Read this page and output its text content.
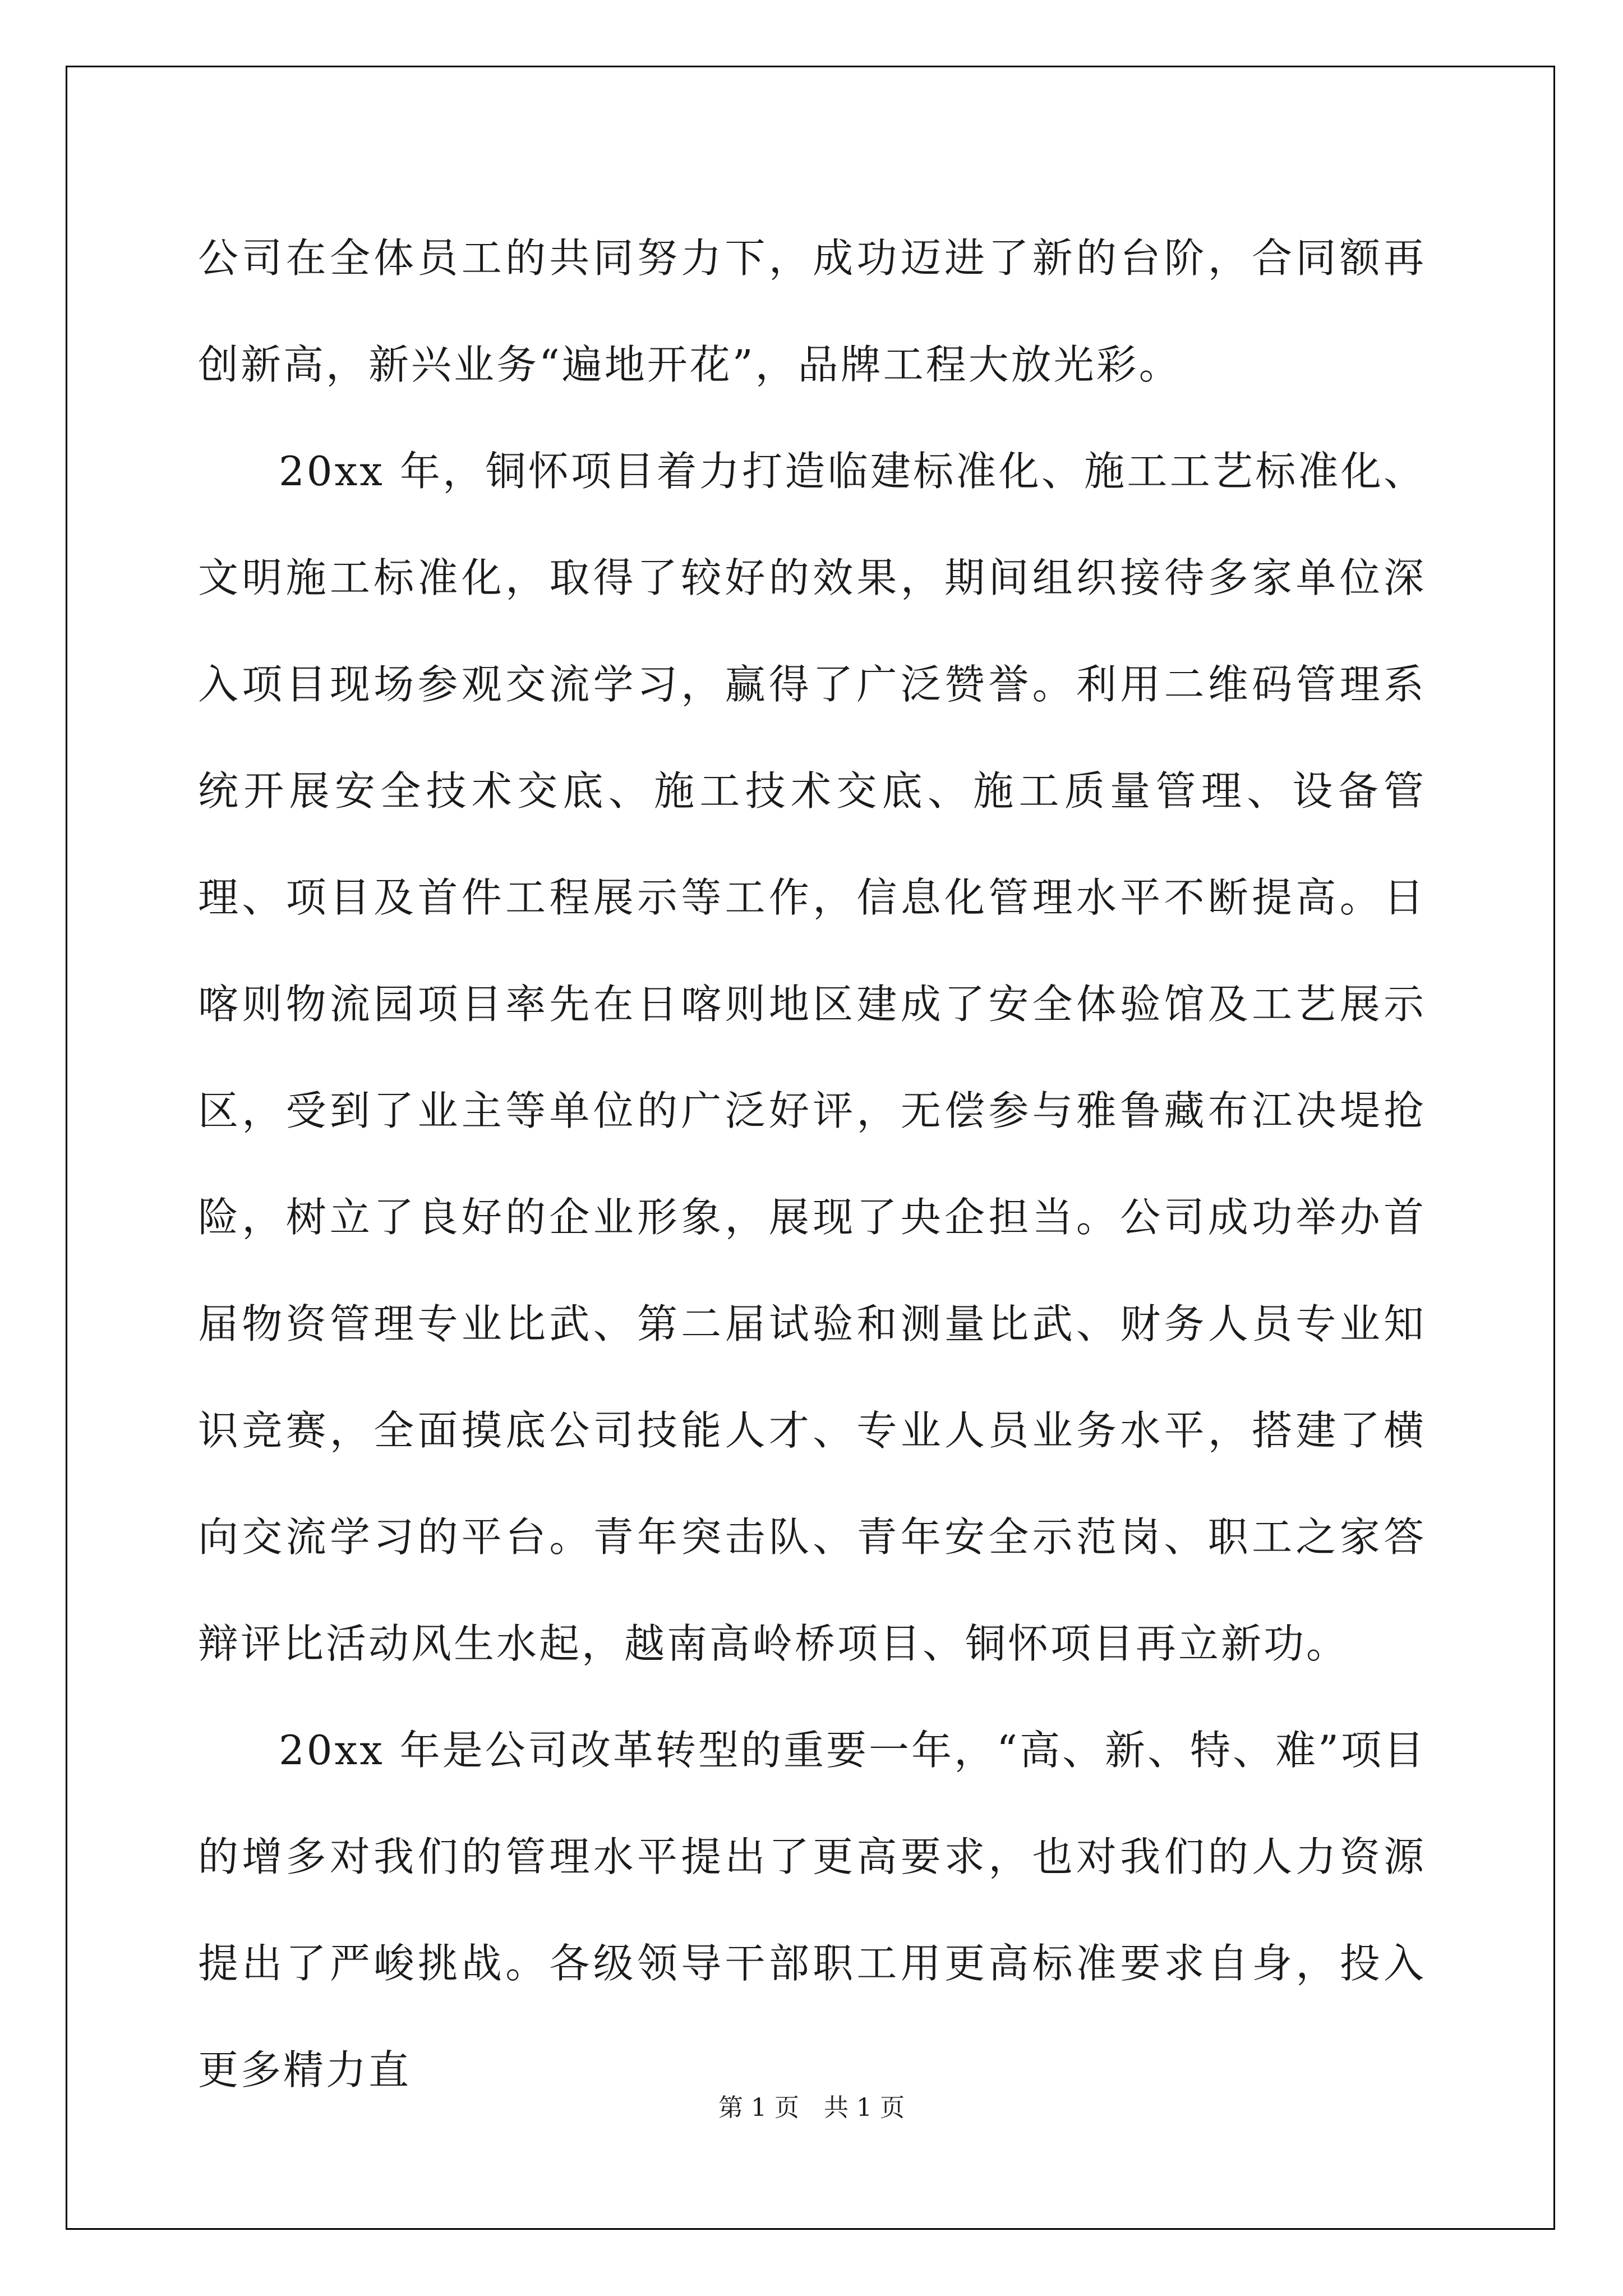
公司在全体员工的共同努力下，成功迈进了新的台阶，合同额再创新高，新兴业务“遍地开花”，品牌工程大放光彩。

20xx 年，铜怀项目着力打造临建标准化、施工工艺标准化、文明施工标准化，取得了较好的效果，期间组织接待多家单位深入项目现场参观交流学习，赢得了广泛赞誉。利用二维码管理系统开展安全技术交底、施工技术交底、施工质量管理、设备管理、项目及首件工程展示等工作，信息化管理水平不断提高。日喀则物流园项目率先在日喀则地区建成了安全体验馆及工艺展示区，受到了业主等单位的广泛好评，无偿参与雅鲁藏布江决堤抢险，树立了良好的企业形象，展现了央企担当。公司成功举办首届物资管理专业比武、第二届试验和测量比武、财务人员专业知识竞赛，全面摸底公司技能人才、专业人员业务水平，搭建了横向交流学习的平台。青年突击队、青年安全示范岗、职工之家答辩评比活动风生水起，越南高岭桥项目、铜怀项目再立新功。

20xx 年是公司改革转型的重要一年，“高、新、特、难”项目的增多对我们的管理水平提出了更高要求，也对我们的人力资源提出了严峻挑战。各级领导干部职工用更高标准要求自身，投入更多精力直

第 1 页　共 1 页
